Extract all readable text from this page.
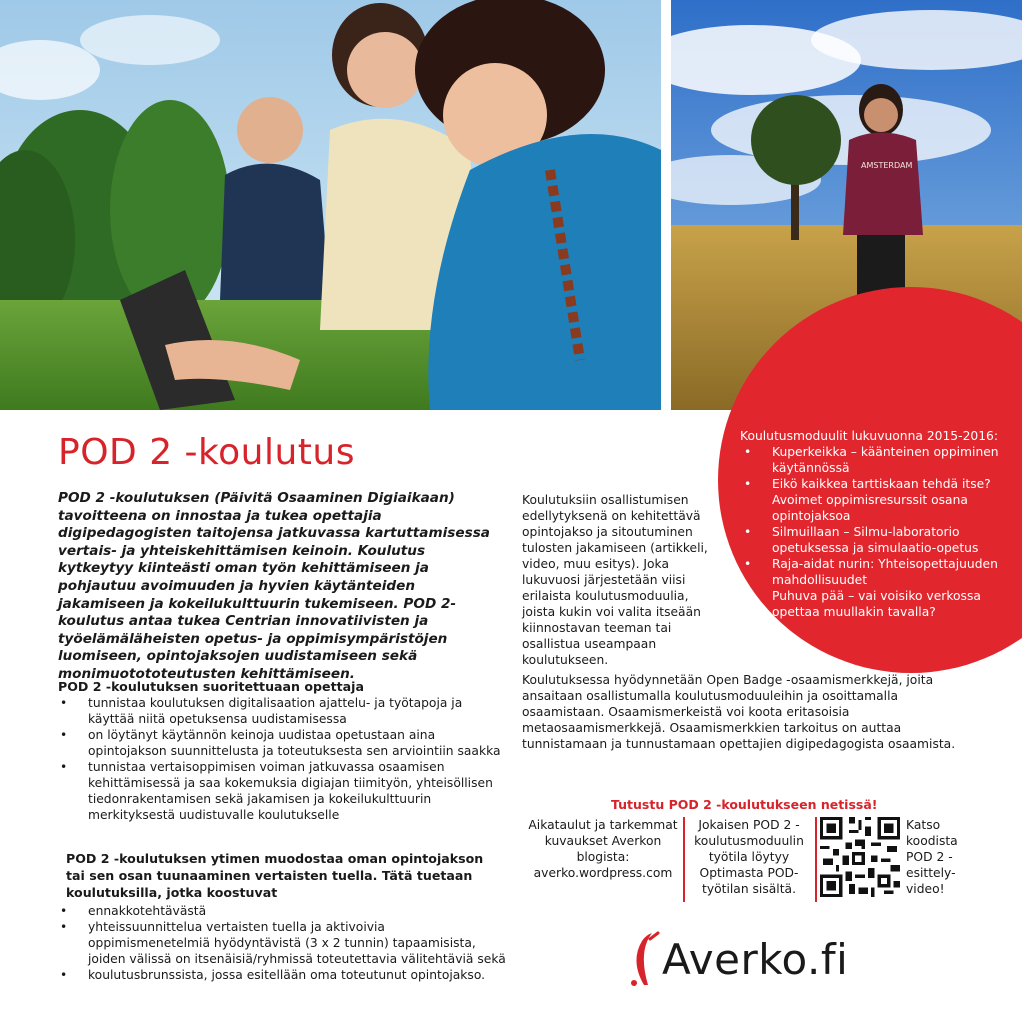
AMSTERDAM

Koulutusmoduulit lukuvuonna 2015-2016:

• Kuperkeikka – käänteinen oppiminen käytännössä
• Eikö kaikkea tarttiskaan tehdä itse? Avoimet oppimisresurssit osana opintojaksoa
• Silmuillaan – Silmu-laboratorio opetuksessa ja simulaatio-opetus
• Raja-aidat nurin: Yhteisopettajuuden mahdollisuudet
• Puhuva pää – vai voisiko verkossa opettaa muullakin tavalla?
POD 2 -koulutus

POD 2 -koulutuksen (Päivitä Osaaminen Digiaikaan) tavoitteena on innostaa ja tukea opettajia digipedagogisten taitojensa jatkuvassa kartuttamisessa vertais- ja yhteiskehittämisen keinoin. Koulutus kytkeytyy kiinteästi oman työn kehittämiseen ja pohjautuu avoimuuden ja hyvien käytänteiden jakamiseen ja kokeilukulttuurin tukemiseen. POD 2-koulutus antaa tukea Centrian innovatiivisten ja työelämäläheisten opetus- ja oppimisympäristöjen luomiseen, opintojaksojen uudistamiseen sekä monimuotototeutusten kehittämiseen.

POD 2 -koulutuksen suoritettuaan opettaja

• tunnistaa koulutuksen digitalisaation ajattelu- ja työtapoja ja käyttää niitä opetuksensa uudistamisessa
• on löytänyt käytännön keinoja uudistaa opetustaan aina opintojakson suunnittelusta ja toteutuksesta sen arviointiin saakka
• tunnistaa vertaisoppimisen voiman jatkuvassa osaamisen kehittämisessä ja saa kokemuksia digiajan tiimityön, yhteisöllisen tiedonrakentamisen sekä jakamisen ja kokeilukulttuurin merkityksestä uudistuvalle koulutukselle

POD 2 -koulutuksen ytimen muodostaa oman opintojakson tai sen osan tuunaaminen vertaisten tuella. Tätä tuetaan koulutuksilla, jotka koostuvat

• ennakkotehtävästä
• yhteissuunnittelua vertaisten tuella ja aktivoivia oppimismenetelmiä hyödyntävistä (3 x 2 tunnin) tapaamisista, joiden välissä on itsenäisiä/ryhmissä toteutettavia välitehtäviä sekä
• koulutusbrunssista, jossa esitellään oma toteutunut opintojakso.

Koulutuksiin osallistumisen edellytyksenä on kehitettävä opintojakso ja sitoutuminen tulosten jakamiseen (artikkeli, video, muu esitys). Joka lukuvuosi järjestetään viisi erilaista koulutusmoduulia, joista kukin voi valita itseään kiinnostavan teeman tai osallistua useampaan koulutukseen.

Koulutuksessa hyödynnetään Open Badge -osaamismerkkejä, joita ansaitaan osallistumalla koulutusmoduuleihin ja osoittamalla osaamistaan. Osaamismerkeistä voi koota eritasoisia metaosaamismerkkejä. Osaamismerkkien tarkoitus on auttaa tunnistamaan ja tunnustamaan opettajien digipedagogista osaamista.

Tutustu POD 2 -koulutukseen netissä!

Aikataulut ja tarkemmat kuvaukset Averkon blogista: averko.wordpress.com

Jokaisen POD 2 -koulutusmoduulin työtila löytyy Optimasta POD-työtilan sisältä.

Katso koodista POD 2 -esittely-video!

Averko.fi
